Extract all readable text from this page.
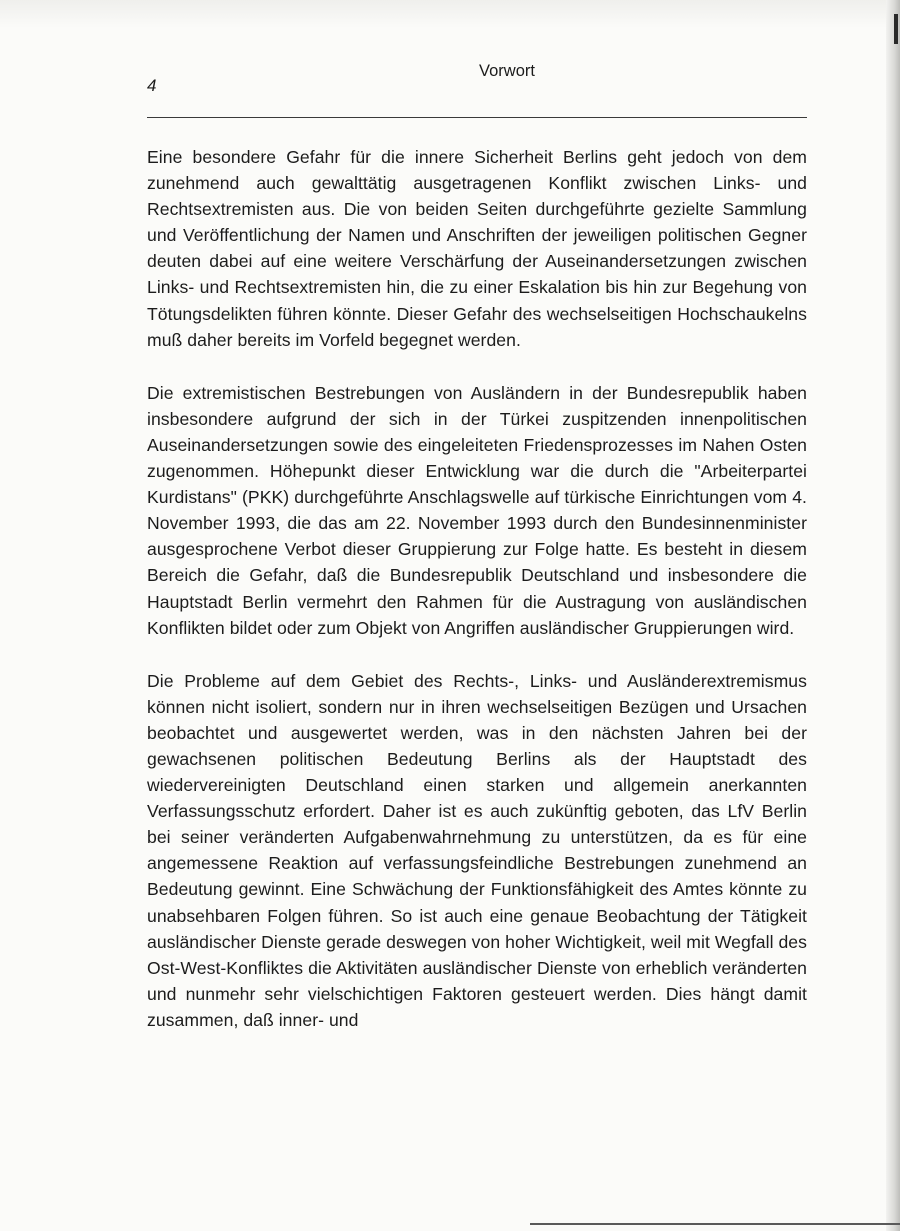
4
Vorwort

Eine besondere Gefahr für die innere Sicherheit Berlins geht jedoch von dem zunehmend auch gewalttätig ausgetragenen Konflikt zwischen Links- und Rechtsextremisten aus. Die von beiden Seiten durchgeführte gezielte Sammlung und Veröffentlichung der Namen und Anschriften der jeweiligen politischen Gegner deuten dabei auf eine weitere Verschärfung der Auseinandersetzungen zwischen Links- und Rechtsextremisten hin, die zu einer Eskalation bis hin zur Begehung von Tötungsdelikten führen könnte. Dieser Gefahr des wechselseitigen Hochschaukelns muß daher bereits im Vorfeld begegnet werden.

Die extremistischen Bestrebungen von Ausländern in der Bundesrepublik haben insbesondere aufgrund der sich in der Türkei zuspitzenden innenpolitischen Auseinandersetzungen sowie des eingeleiteten Friedensprozesses im Nahen Osten zugenommen. Höhepunkt dieser Entwicklung war die durch die "Arbeiterpartei Kurdistans" (PKK) durchgeführte Anschlagswelle auf türkische Einrichtungen vom 4. November 1993, die das am 22. November 1993 durch den Bundesinnenminister ausgesprochene Verbot dieser Gruppierung zur Folge hatte. Es besteht in diesem Bereich die Gefahr, daß die Bundesrepublik Deutschland und insbesondere die Hauptstadt Berlin vermehrt den Rahmen für die Austragung von ausländischen Konflikten bildet oder zum Objekt von Angriffen ausländischer Gruppierungen wird.

Die Probleme auf dem Gebiet des Rechts-, Links- und Ausländerextremismus können nicht isoliert, sondern nur in ihren wechselseitigen Bezügen und Ursachen beobachtet und ausgewertet werden, was in den nächsten Jahren bei der gewachsenen politischen Bedeutung Berlins als der Hauptstadt des wiedervereinigten Deutschland einen starken und allgemein anerkannten Verfassungsschutz erfordert. Daher ist es auch zukünftig geboten, das LfV Berlin bei seiner veränderten Aufgabenwahrnehmung zu unterstützen, da es für eine angemessene Reaktion auf verfassungsfeindliche Bestrebungen zunehmend an Bedeutung gewinnt. Eine Schwächung der Funktionsfähigkeit des Amtes könnte zu unabsehbaren Folgen führen. So ist auch eine genaue Beobachtung der Tätigkeit ausländischer Dienste gerade deswegen von hoher Wichtigkeit, weil mit Wegfall des Ost-West-Konfliktes die Aktivitäten ausländischer Dienste von erheblich veränderten und nunmehr sehr vielschichtigen Faktoren gesteuert werden. Dies hängt damit zusammen, daß inner- und
